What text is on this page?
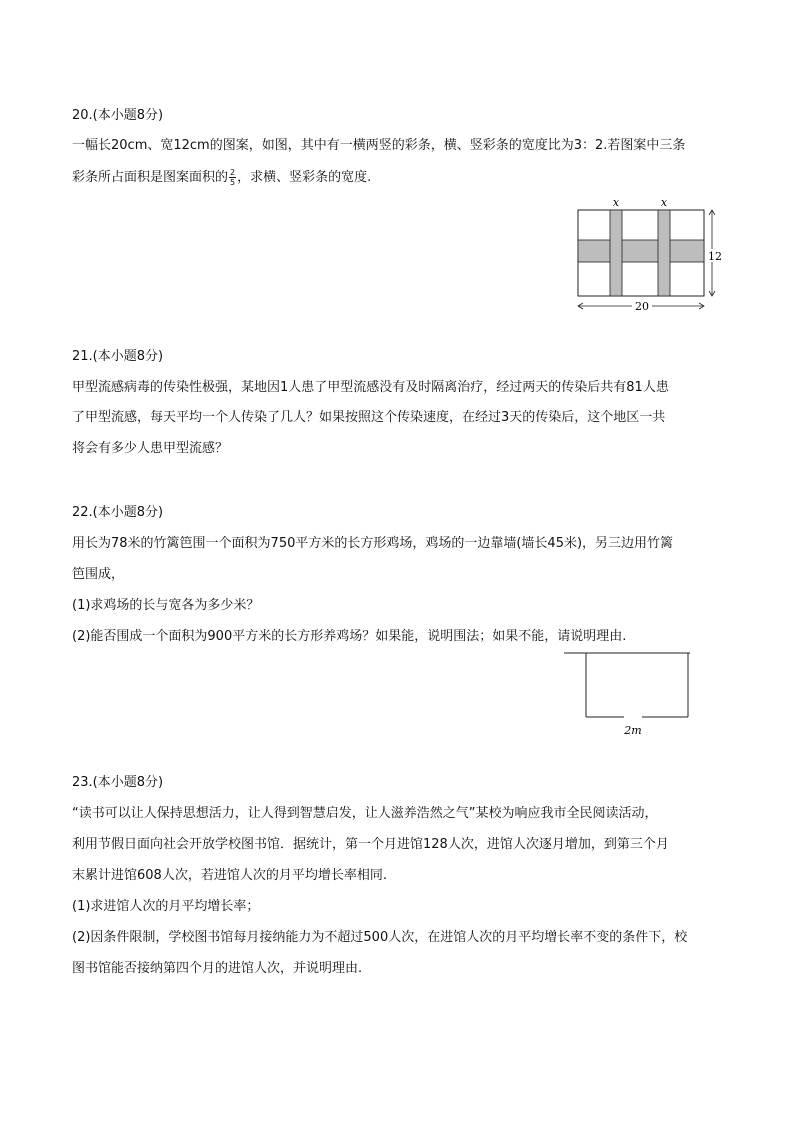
20.(本小题8分)
一幅长20cm、宽12cm的图案，如图，其中有一横两竖的彩条，横、竖彩条的宽度比为3：2.若图案中三条
彩条所占面积是图案面积的 $\frac{2}{5}$ ，求横、竖彩条的宽度.
x	x
12
20
21.(本小题8分)
甲型流感病毒的传染性极强，某地因1人患了甲型流感没有及时隔离治疗，经过两天的传染后共有81人患
了甲型流感，每天平均一个人传染了几人？如果按照这个传染速度，在经过3天的传染后，这个地区一共
将会有多少人患甲型流感？
22.(本小题8分)
用长为78米的竹篱笆围一个面积为750平方米的长方形鸡场，鸡场的一边靠墙(墙长45米)，另三边用竹篱
笆围成，
(1)求鸡场的长与宽各为多少米？
(2)能否围成一个面积为900平方米的长方形养鸡场？如果能，说明围法；如果不能，请说明理由.
2m
23.(本小题8分)
“读书可以让人保持思想活力，让人得到智慧启发，让人滋养浩然之气”某校为响应我市全民阅读活动，
利用节假日面向社会开放学校图书馆．据统计，第一个月进馆128人次，进馆人次逐月增加，到第三个月
末累计进馆608人次，若进馆人次的月平均增长率相同.
(1)求进馆人次的月平均增长率；
(2)因条件限制，学校图书馆每月接纳能力为不超过500人次，在进馆人次的月平均增长率不变的条件下，校
图书馆能否接纳第四个月的进馆人次，并说明理由.
